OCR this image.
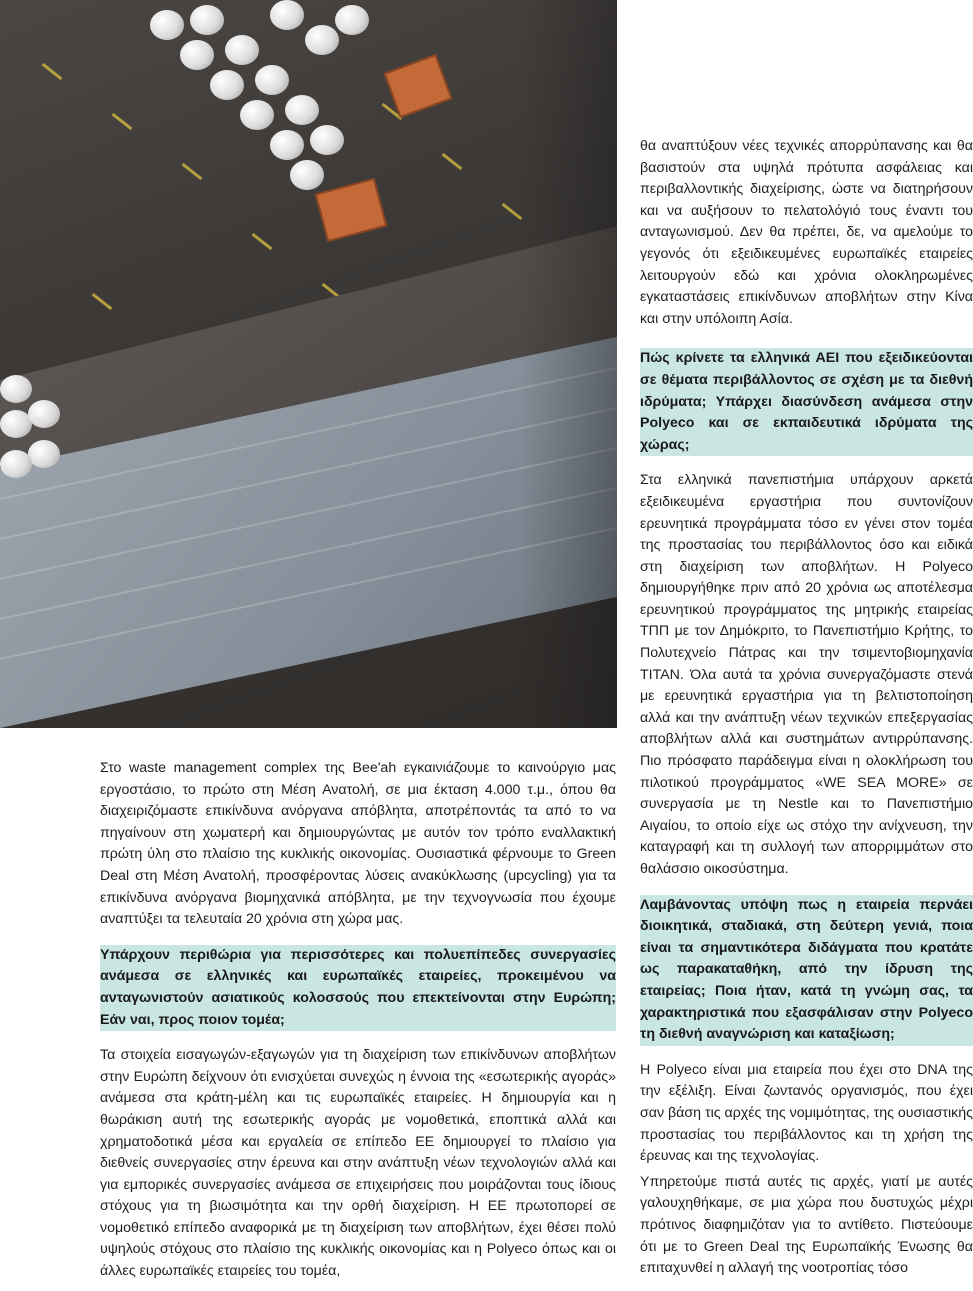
Στο waste management complex της Bee'ah εγκαινιάζουμε το καινούργιο μας εργοστάσιο, το πρώτο στη Μέση Ανατολή, σε μια έκταση 4.000 τ.μ., όπου θα διαχειριζόμαστε επικίνδυνα ανόργανα απόβλητα, αποτρέποντάς τα από το να πηγαίνουν στη χωματερή και δημιουργώντας με αυτόν τον τρόπο εναλλακτική πρώτη ύλη στο πλαίσιο της κυκλικής οικονομίας. Ουσιαστικά φέρνουμε το Green Deal στη Μέση Ανατολή, προσφέροντας λύσεις ανακύκλωσης (upcycling) για τα επικίνδυνα ανόργανα βιομηχανικά απόβλητα, με την τεχνογνωσία που έχουμε αναπτύξει τα τελευταία 20 χρόνια στη χώρα μας.

Υπάρχουν περιθώρια για περισσότερες και πολυεπίπεδες συνεργασίες ανάμεσα σε ελληνικές και ευρωπαϊκές εταιρείες, προκειμένου να ανταγωνιστούν ασιατικούς κολοσσούς που επεκτείνονται στην Ευρώπη; Εάν ναι, προς ποιον τομέα;

Τα στοιχεία εισαγωγών-εξαγωγών για τη διαχείριση των επικίνδυνων αποβλήτων στην Ευρώπη δείχνουν ότι ενισχύεται συνεχώς η έννοια της «εσωτερικής αγοράς» ανάμεσα στα κράτη-μέλη και τις ευρωπαϊκές εταιρείες. Η δημιουργία και η θωράκιση αυτή της εσωτερικής αγοράς με νομοθετικά, εποπτικά αλλά και χρηματοδοτικά μέσα και εργαλεία σε επίπεδο ΕΕ δημιουργεί το πλαίσιο για διεθνείς συνεργασίες στην έρευνα και στην ανάπτυξη νέων τεχνολογιών αλλά και για εμπορικές συνεργασίες ανάμεσα σε επιχειρήσεις που μοιράζονται τους ίδιους στόχους για τη βιωσιμότητα και την ορθή διαχείριση. Η ΕΕ πρωτοπορεί σε νομοθετικό επίπεδο αναφορικά με τη διαχείριση των αποβλήτων, έχει θέσει πολύ υψηλούς στόχους στο πλαίσιο της κυκλικής οικονομίας και η Polyeco όπως και οι άλλες ευρωπαϊκές εταιρείες του τομέα,

θα αναπτύξουν νέες τεχνικές απορρύπανσης και θα βασιστούν στα υψηλά πρότυπα ασφάλειας και περιβαλλοντικής διαχείρισης, ώστε να διατηρήσουν και να αυξήσουν το πελατολόγιό τους έναντι του ανταγωνισμού. Δεν θα πρέπει, δε, να αμελούμε το γεγονός ότι εξειδικευμένες ευρωπαϊκές εταιρείες λειτουργούν εδώ και χρόνια ολοκληρωμένες εγκαταστάσεις επικίνδυνων αποβλήτων στην Κίνα και στην υπόλοιπη Ασία.

Πώς κρίνετε τα ελληνικά ΑΕΙ που εξειδικεύονται σε θέματα περιβάλλοντος σε σχέση με τα διεθνή ιδρύματα; Υπάρχει διασύνδεση ανάμεσα στην Polyeco και σε εκπαιδευτικά ιδρύματα της χώρας;

Στα ελληνικά πανεπιστήμια υπάρχουν αρκετά εξειδικευμένα εργαστήρια που συντονίζουν ερευνητικά προγράμματα τόσο εν γένει στον τομέα της προστασίας του περιβάλλοντος όσο και ειδικά στη διαχείριση των αποβλήτων. Η Polyeco δημιουργήθηκε πριν από 20 χρόνια ως αποτέλεσμα ερευνητικού προγράμματος της μητρικής εταιρείας ΤΠΠ με τον Δημόκριτο, το Πανεπιστήμιο Κρήτης, το Πολυτεχνείο Πάτρας και την τσιμεντοβιομηχανία ΤΙΤΑΝ. Όλα αυτά τα χρόνια συνεργαζόμαστε στενά με ερευνητικά εργαστήρια για τη βελτιστοποίηση αλλά και την ανάπτυξη νέων τεχνικών επεξεργασίας αποβλήτων αλλά και συστημάτων αντιρρύπανσης. Πιο πρόσφατο παράδειγμα είναι η ολοκλήρωση του πιλοτικού προγράμματος «WE SEA MORE» σε συνεργασία με τη Nestle και το Πανεπιστήμιο Αιγαίου, το οποίο είχε ως στόχο την ανίχνευση, την καταγραφή και τη συλλογή των απορριμμάτων στο θαλάσσιο οικοσύστημα.

Λαμβάνοντας υπόψη πως η εταιρεία περνάει διοικητικά, σταδιακά, στη δεύτερη γενιά, ποια είναι τα σημαντικότερα διδάγματα που κρατάτε ως παρακαταθήκη, από την ίδρυση της εταιρείας; Ποια ήταν, κατά τη γνώμη σας, τα χαρακτηριστικά που εξασφάλισαν στην Polyeco τη διεθνή αναγνώριση και καταξίωση;

Η Polyeco είναι μια εταιρεία που έχει στο DNA της την εξέλιξη. Είναι ζωντανός οργανισμός, που έχει σαν βάση τις αρχές της νομιμότητας, της ουσιαστικής προστασίας του περιβάλλοντος και τη χρήση της έρευνας και της τεχνολογίας.

Υπηρετούμε πιστά αυτές τις αρχές, γιατί με αυτές γαλουχηθήκαμε, σε μια χώρα που δυστυχώς μέχρι πρότινος διαφημιζόταν για το αντίθετο. Πιστεύουμε ότι με το Green Deal της Ευρωπαϊκής Ένωσης θα επιταχυνθεί η αλλαγή της νοοτροπίας τόσο
